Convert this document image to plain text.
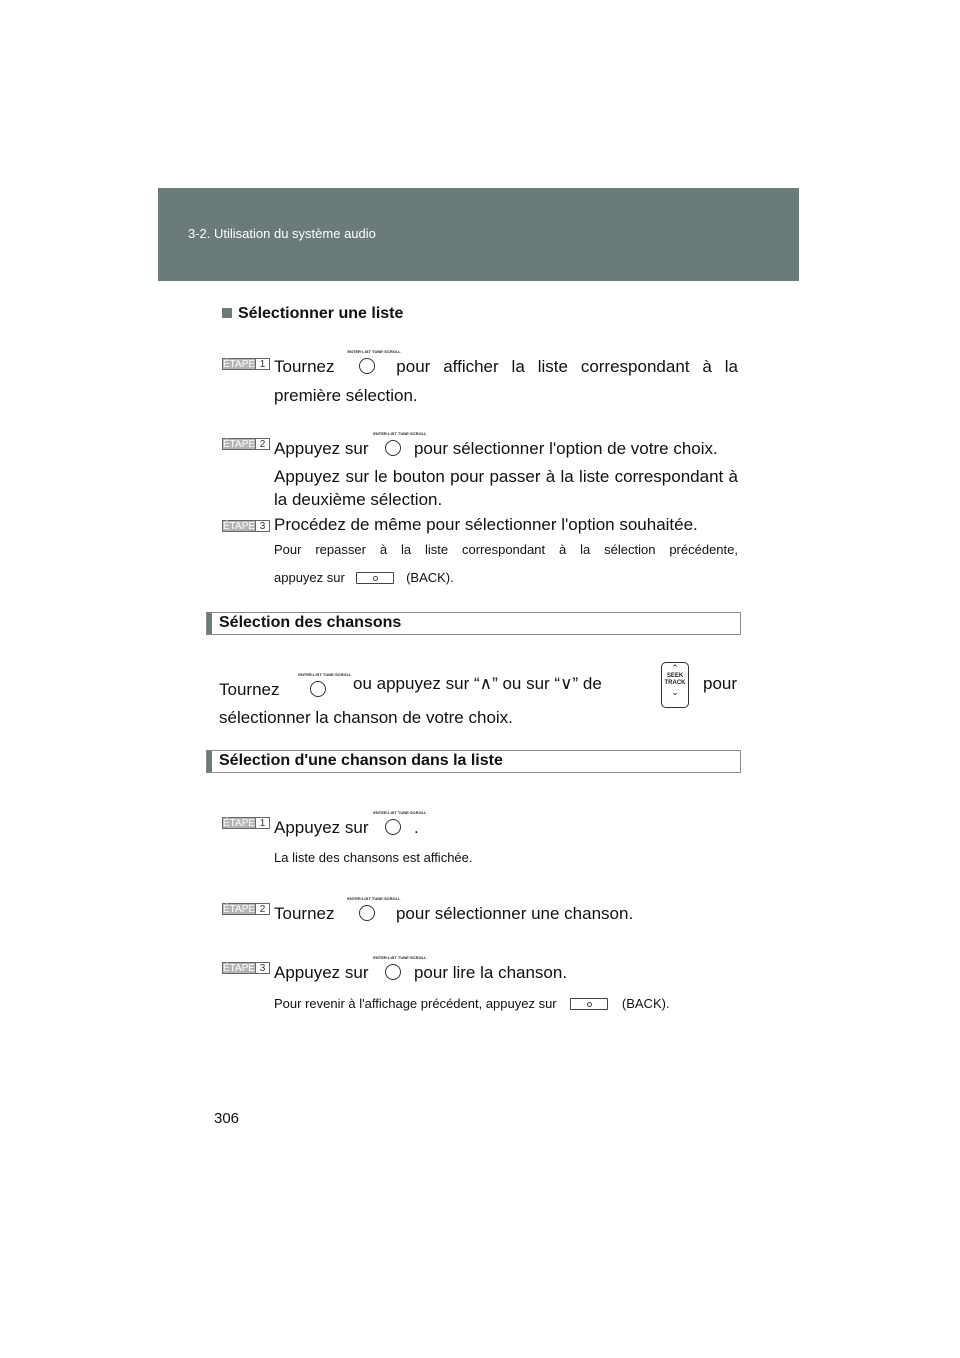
3-2. Utilisation du système audio
Sélectionner une liste
ÉTAPE 1 Tournez
ENTER·LIST TUNE·SCROLL
pour afficher la liste correspondant à la
première sélection.
ÉTAPE 2 Appuyez sur
ENTER·LIST TUNE·SCROLL
pour sélectionner l'option de votre choix.
Appuyez sur le bouton pour passer à la liste correspondant à
la deuxième sélection.
ÉTAPE 3 Procédez de même pour sélectionner l'option souhaitée.
Pour repasser à la liste correspondant à la sélection précédente,
appuyez sur	(BACK).
Sélection des chansons
Tournez
ENTER·LIST TUNE·SCROLL ou appuyez sur “∧” ou sur “∨” de
⌃
SEEK TRACK
⌄	pour
sélectionner la chanson de votre choix.
Sélection d'une chanson dans la liste
ÉTAPE 1 Appuyez sur
ENTER·LIST TUNE·SCROLL
.
La liste des chansons est affichée.
ÉTAPE 2 Tournez
ENTER·LIST TUNE·SCROLL
pour sélectionner une chanson.
ÉTAPE 3 Appuyez sur
ENTER·LIST TUNE·SCROLL
pour lire la chanson.
Pour revenir à l'affichage précédent, appuyez sur	(BACK).
306
